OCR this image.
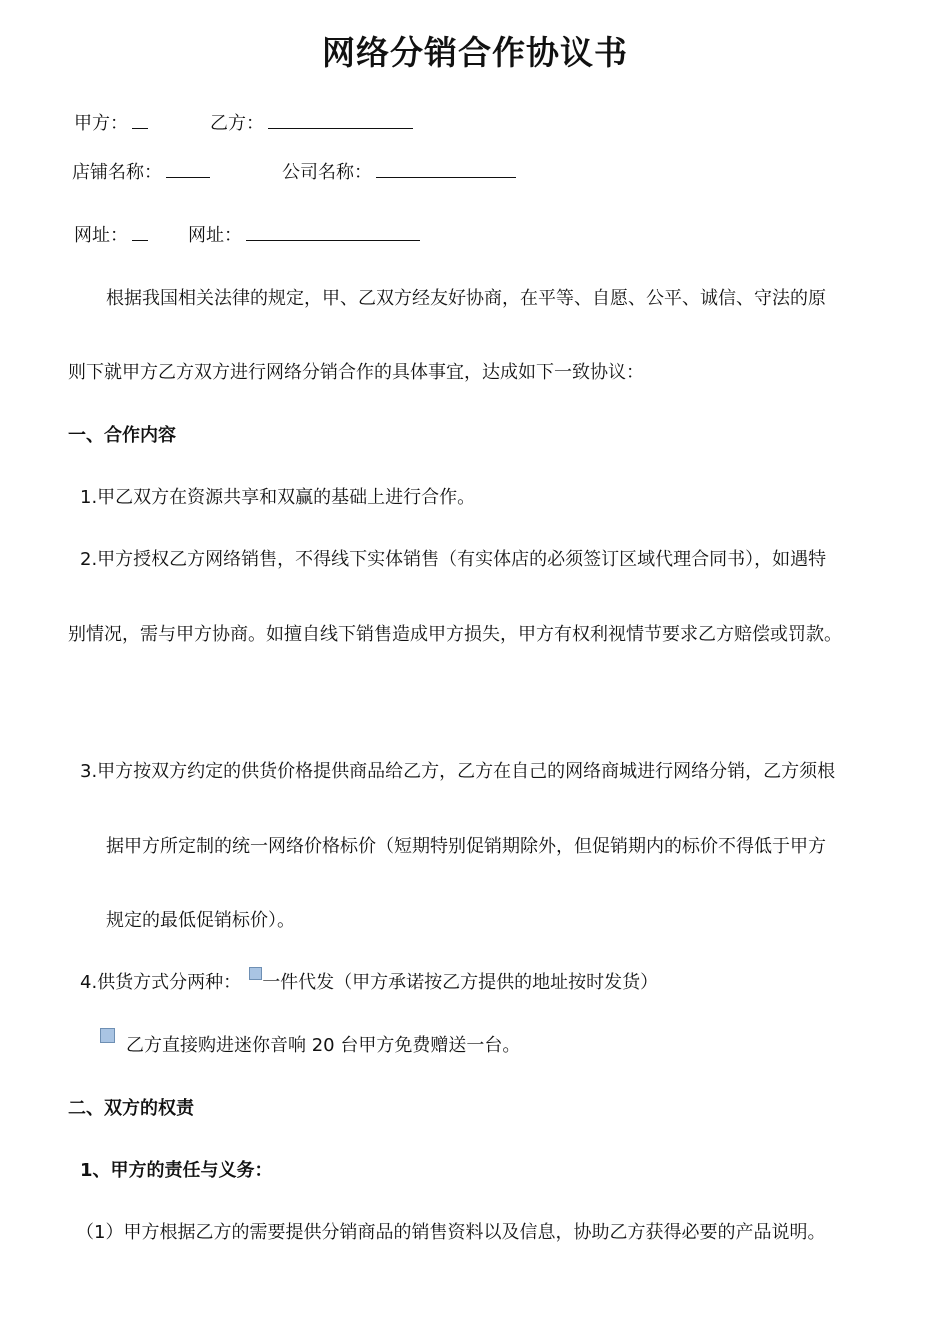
网络分销合作协议书
甲方：	乙方：
店铺名称：	公司名称：
网址：	网址：
根据我国相关法律的规定，甲、乙双方经友好协商，在平等、自愿、公平、诚信、守法的原
则下就甲方乙方双方进行网络分销合作的具体事宜，达成如下一致协议：
一、合作内容
1.甲乙双方在资源共享和双赢的基础上进行合作。
2.甲方授权乙方网络销售，不得线下实体销售（有实体店的必须签订区域代理合同书），如遇特
别情况，需与甲方协商。如擅自线下销售造成甲方损失，甲方有权利视情节要求乙方赔偿或罚款。
3.甲方按双方约定的供货价格提供商品给乙方，乙方在自己的网络商城进行网络分销，乙方须根
据甲方所定制的统一网络价格标价（短期特别促销期除外，但促销期内的标价不得低于甲方
规定的最低促销标价）。
4.供货方式分两种： 一件代发（甲方承诺按乙方提供的地址按时发货）
乙方直接购进迷你音响 20 台甲方免费赠送一台。
二、双方的权责
1、甲方的责任与义务：
（1）甲方根据乙方的需要提供分销商品的销售资料以及信息，协助乙方获得必要的产品说明。
